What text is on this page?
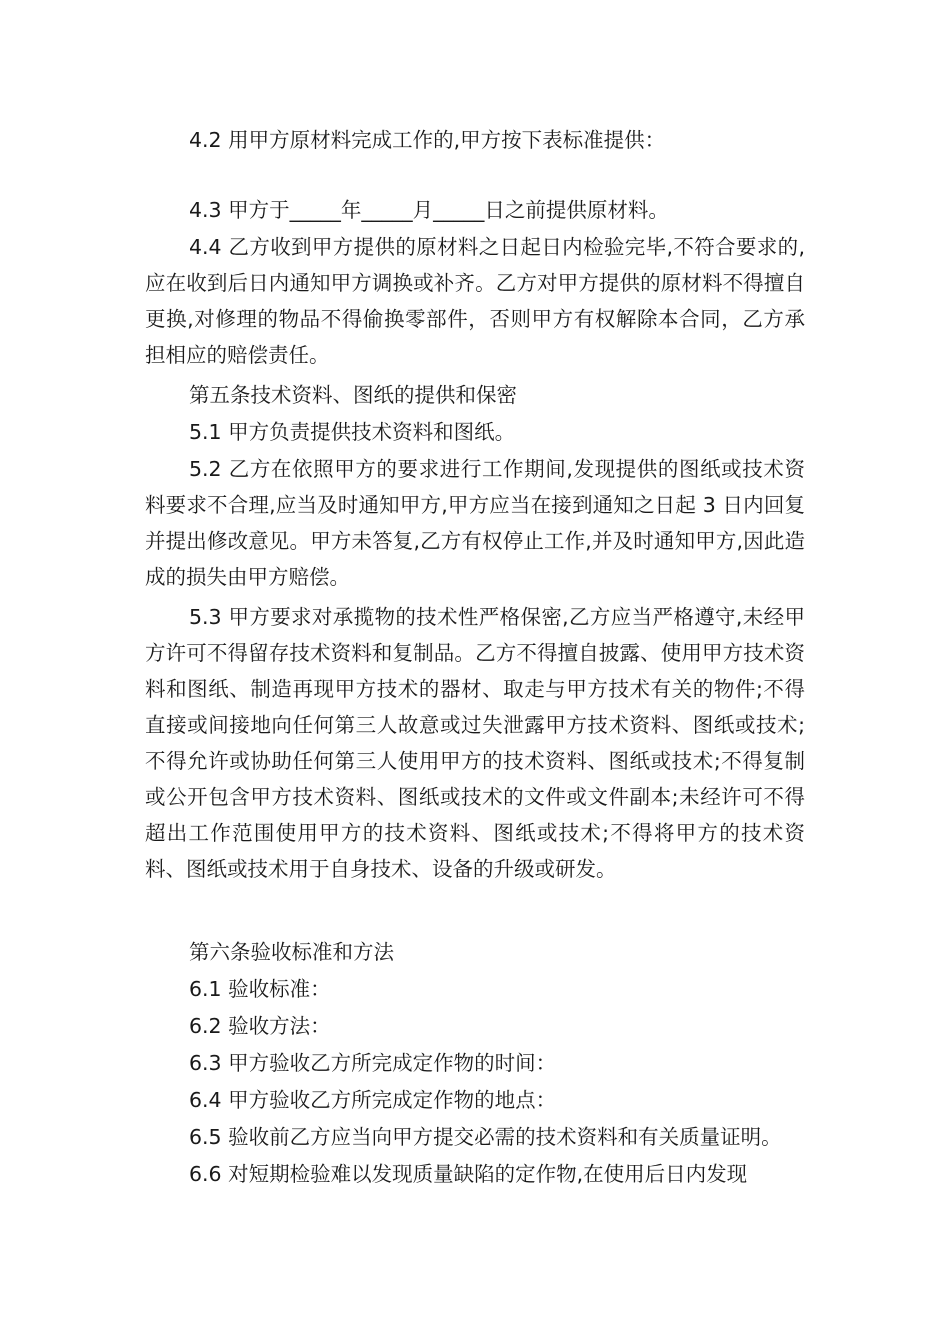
4.2 用甲方原材料完成工作的,甲方按下表标准提供：

4.3 甲方于_____年_____月_____日之前提供原材料。

4.4 乙方收到甲方提供的原材料之日起日内检验完毕,不符合要求的,应在收到后日内通知甲方调换或补齐。乙方对甲方提供的原材料不得擅自更换,对修理的物品不得偷换零部件，否则甲方有权解除本合同，乙方承担相应的赔偿责任。

第五条技术资料、图纸的提供和保密

5.1 甲方负责提供技术资料和图纸。

5.2 乙方在依照甲方的要求进行工作期间,发现提供的图纸或技术资料要求不合理,应当及时通知甲方,甲方应当在接到通知之日起 3 日内回复并提出修改意见。甲方未答复,乙方有权停止工作,并及时通知甲方,因此造成的损失由甲方赔偿。

5.3 甲方要求对承揽物的技术性严格保密,乙方应当严格遵守,未经甲方许可不得留存技术资料和复制品。乙方不得擅自披露、使用甲方技术资料和图纸、制造再现甲方技术的器材、取走与甲方技术有关的物件;不得直接或间接地向任何第三人故意或过失泄露甲方技术资料、图纸或技术;不得允许或协助任何第三人使用甲方的技术资料、图纸或技术;不得复制或公开包含甲方技术资料、图纸或技术的文件或文件副本;未经许可不得超出工作范围使用甲方的技术资料、图纸或技术;不得将甲方的技术资料、图纸或技术用于自身技术、设备的升级或研发。

第六条验收标准和方法

6.1 验收标准：

6.2 验收方法：

6.3 甲方验收乙方所完成定作物的时间：

6.4 甲方验收乙方所完成定作物的地点：

6.5 验收前乙方应当向甲方提交必需的技术资料和有关质量证明。

6.6 对短期检验难以发现质量缺陷的定作物,在使用后日内发现
